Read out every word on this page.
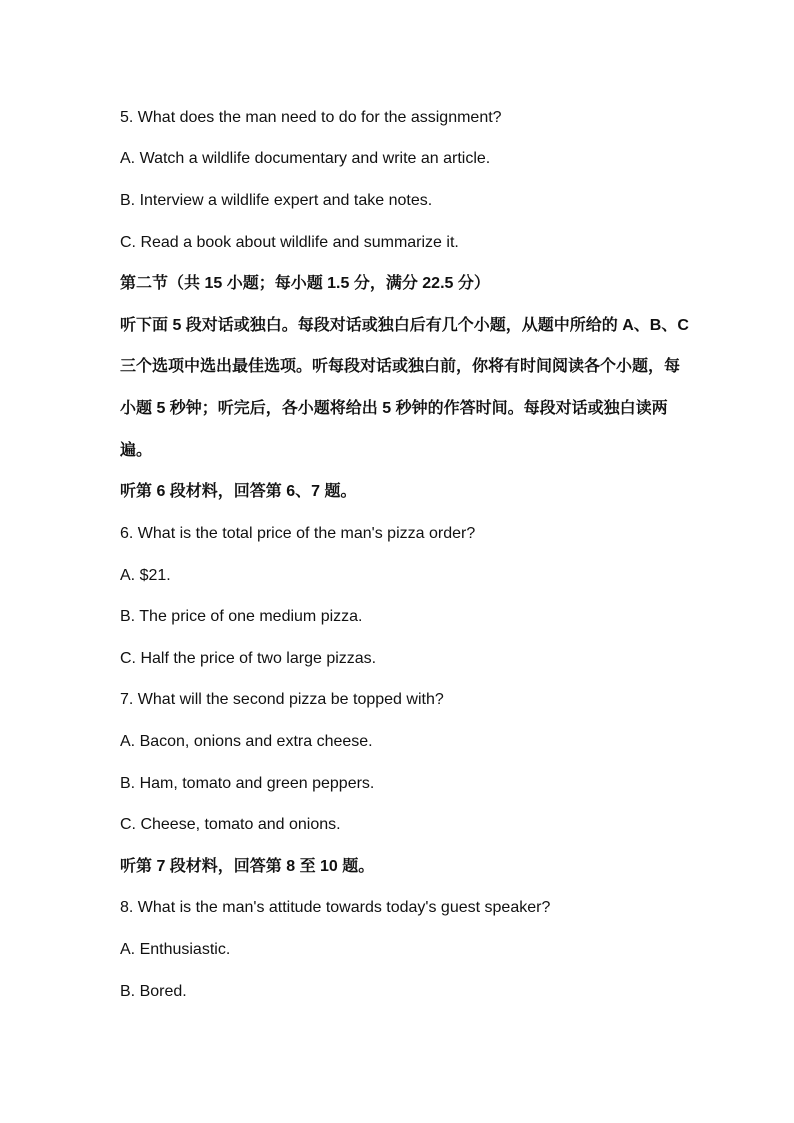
5. What does the man need to do for the assignment?
A. Watch a wildlife documentary and write an article.
B. Interview a wildlife expert and take notes.
C. Read a book about wildlife and summarize it.
第二节（共 15 小题；每小题 1.5 分，满分 22.5 分）
听下面 5 段对话或独白。每段对话或独白后有几个小题，从题中所给的 A、B、C
三个选项中选出最佳选项。听每段对话或独白前，你将有时间阅读各个小题，每
小题 5 秒钟；听完后，各小题将给出 5 秒钟的作答时间。每段对话或独白读两
遍。
听第 6 段材料，回答第 6、7 题。
6. What is the total price of the man's pizza order?
A. $21.
B. The price of one medium pizza.
C. Half the price of two large pizzas.
7. What will the second pizza be topped with?
A. Bacon, onions and extra cheese.
B. Ham, tomato and green peppers.
C. Cheese, tomato and onions.
听第 7 段材料，回答第 8 至 10 题。
8. What is the man's attitude towards today's guest speaker?
A. Enthusiastic.
B. Bored.
